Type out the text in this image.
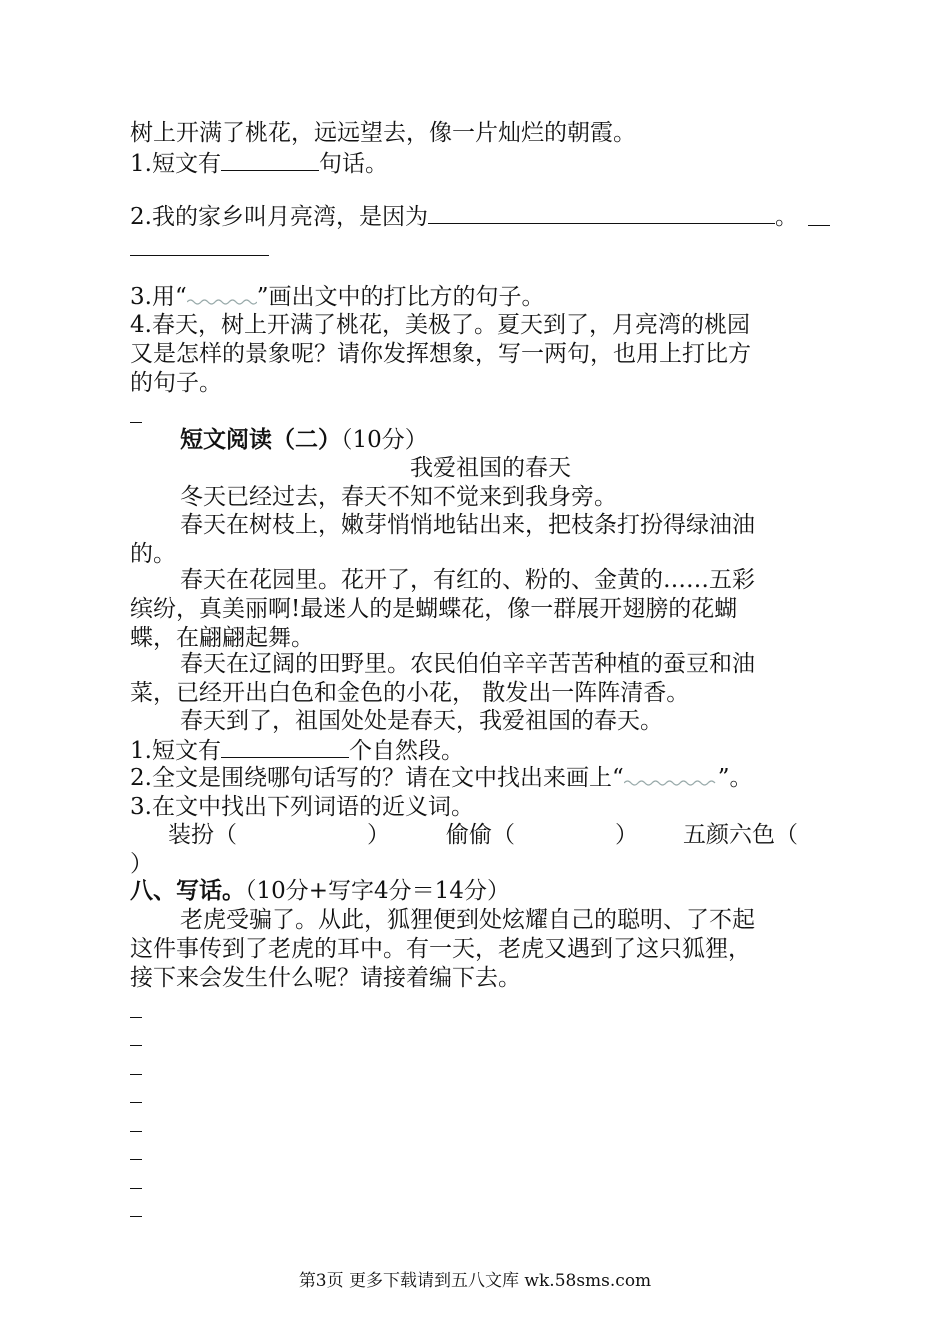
树上开满了桃花，远远望去，像一片灿烂的朝霞。
1.短文有	句话。
2.我的家乡叫月亮湾，是因为	。
3.用“	”画出文中的打比方的句子。
4.春天，树上开满了桃花，美极了。夏天到了，月亮湾的桃园
又是怎样的景象呢？请你发挥想象，写一两句，也用上打比方
的句子。
短文阅读（二）（10分）
我爱祖国的春天
冬天已经过去，春天不知不觉来到我身旁。
春天在树枝上，嫩芽悄悄地钻出来，把枝条打扮得绿油油
的。
春天在花园里。花开了，有红的、粉的、金黄的……五彩
缤纷，真美丽啊!最迷人的是蝴蝶花，像一群展开翅膀的花蝴
蝶，在翩翩起舞。
春天在辽阔的田野里。农民伯伯辛辛苦苦种植的蚕豆和油
菜，已经开出白色和金色的小花， 散发出一阵阵清香。
春天到了，祖国处处是春天，我爱祖国的春天。
1.短文有	个自然段。
2.全文是围绕哪句话写的？请在文中找出来画上“	”。
3.在文中找出下列词语的近义词。
装扮（	） 偷偷（	） 五颜六色（
）
八、写话。（10分+写字4分＝14分）
老虎受骗了。从此，狐狸便到处炫耀自己的聪明、了不起
这件事传到了老虎的耳中。有一天，老虎又遇到了这只狐狸，
接下来会发生什么呢？请接着编下去。
第3页 更多下载请到五八文库 wk.58sms.com
